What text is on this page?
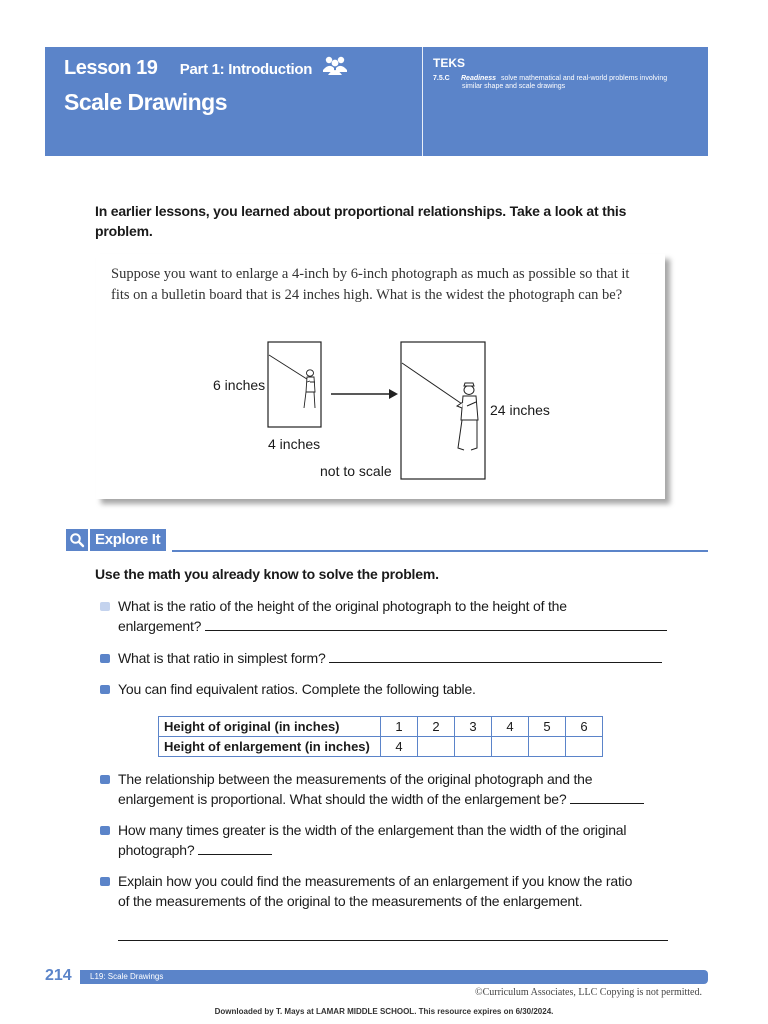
Lesson 19 Part 1: Introduction
Scale Drawings
TEKS
7.5.C Readiness solve mathematical and real-world problems involving
similar shape and scale drawings
In earlier lessons, you learned about proportional relationships. Take a look at this problem.
Suppose you want to enlarge a 4-inch by 6-inch photograph as much as possible so that it fits on a bulletin board that is 24 inches high. What is the widest the photograph can be?
6 inches
4 inches
24 inches
not to scale
Explore It
Use the math you already know to solve the problem.
What is the ratio of the height of the original photograph to the height of the
enlargement?
What is that ratio in simplest form?
You can find equivalent ratios. Complete the following table.
Height of original (in inches)	1	2	3	4	5	6
Height of enlargement (in inches)	4					
The relationship between the measurements of the original photograph and the
enlargement is proportional. What should the width of the enlargement be?
How many times greater is the width of the enlargement than the width of the original
photograph?
Explain how you could find the measurements of an enlargement if you know the ratio
of the measurements of the original to the measurements of the enlargement.
214 L19: Scale Drawings
©Curriculum Associates, LLC Copying is not permitted.
Downloaded by T. Mays at LAMAR MIDDLE SCHOOL. This resource expires on 6/30/2024.
